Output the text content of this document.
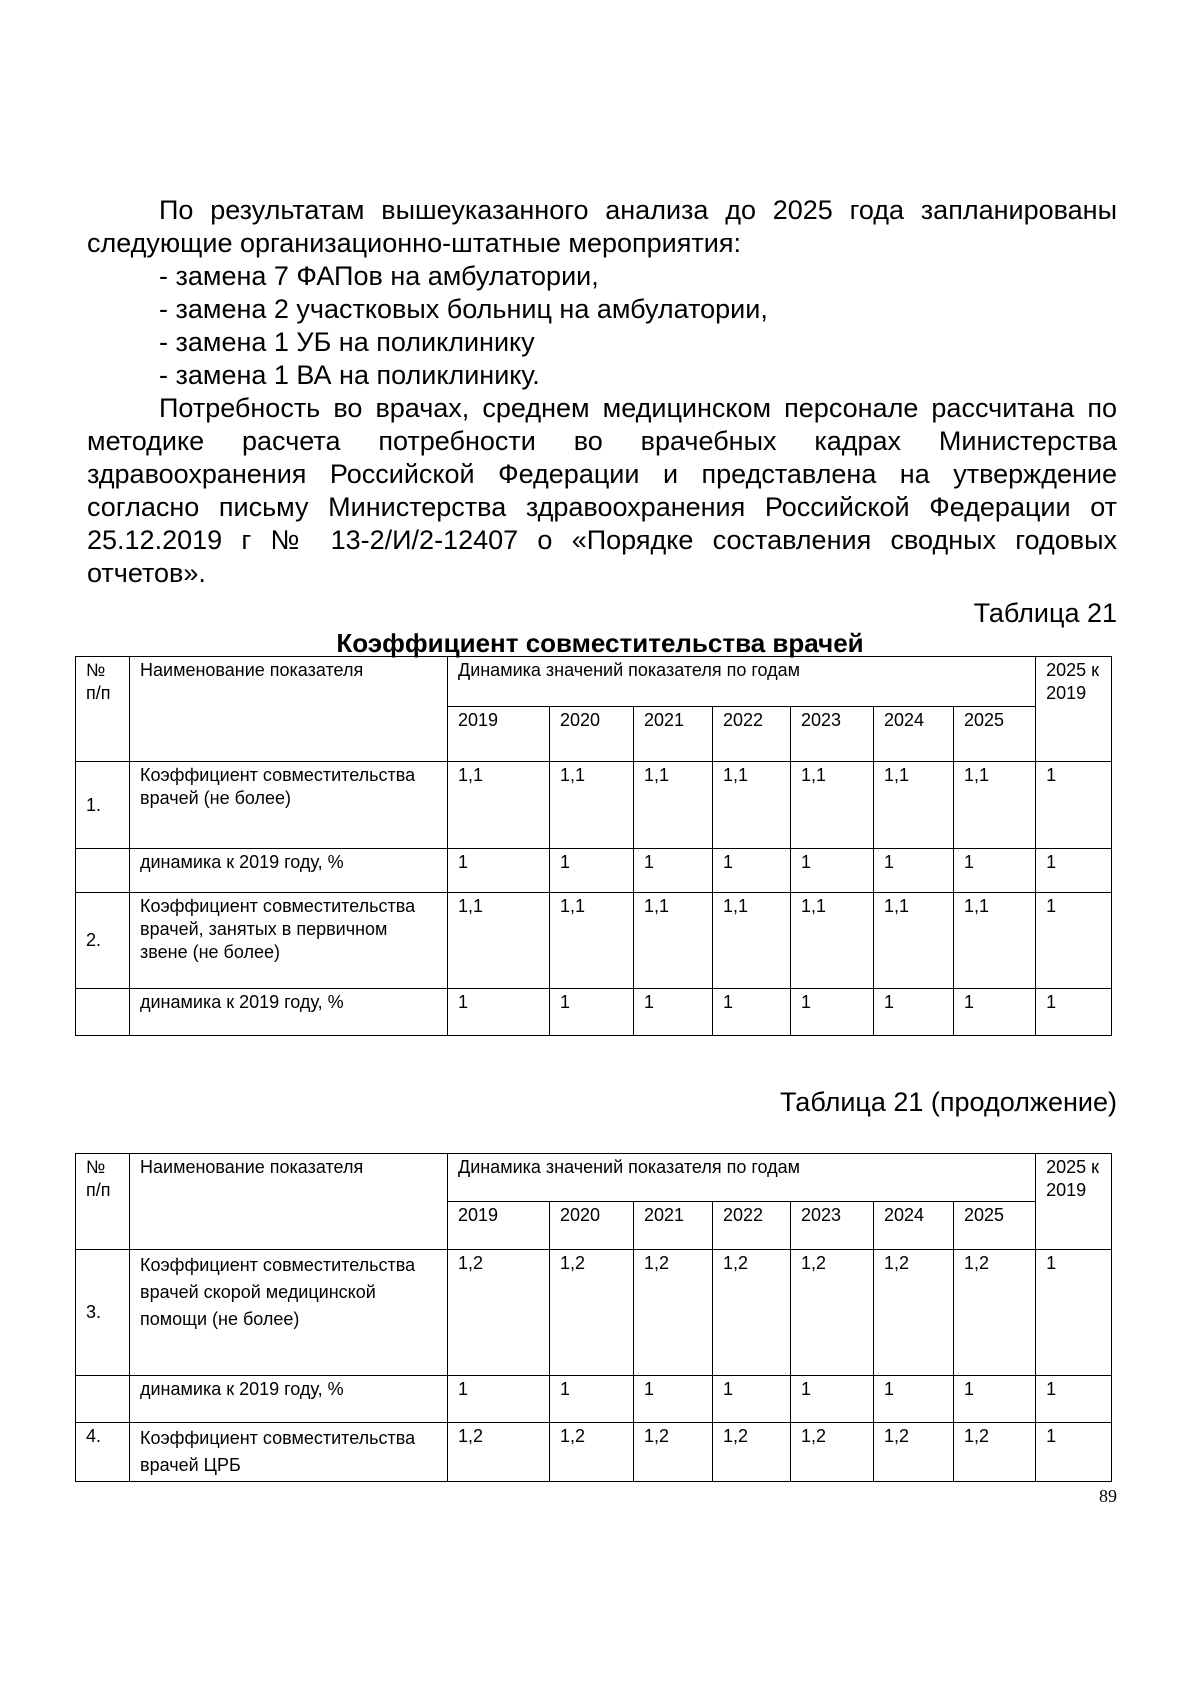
По результатам вышеуказанного анализа до 2025 года запланированы следующие организационно-штатные мероприятия:

- замена 7 ФАПов на амбулатории,
- замена 2 участковых больниц на амбулатории,
- замена 1 УБ на поликлинику
- замена 1 ВА на поликлинику.

Потребность во врачах, среднем медицинском персонале рассчитана по методике расчета потребности во врачебных кадрах Министерства здравоохранения Российской Федерации и представлена на утверждение согласно письму Министерства здравоохранения Российской Федерации от 25.12.2019 г № 13-2/И/2-12407 о «Порядке составления сводных годовых отчетов».

Таблица 21
Коэффициент совместительства врачей
№ п/п	Наименование показателя	Динамика значений показателя по годам							2025 к 2019
		2019	2020	2021	2022	2023	2024	2025	
1.	Коэффициент совместительства врачей (не более)	1,1	1,1	1,1	1,1	1,1	1,1	1,1	1
	динамика к 2019 году, %	1	1	1	1	1	1	1	1
2.	Коэффициент совместительства врачей, занятых в первичном звене (не более)	1,1	1,1	1,1	1,1	1,1	1,1	1,1	1
	динамика к 2019 году, %	1	1	1	1	1	1	1	1
Таблица 21 (продолжение)
№ п/п	Наименование показателя	Динамика значений показателя по годам							2025 к 2019
		2019	2020	2021	2022	2023	2024	2025	
3.	Коэффициент совместительства врачей скорой медицинской помощи (не более)	1,2	1,2	1,2	1,2	1,2	1,2	1,2	1
	динамика к 2019 году, %	1	1	1	1	1	1	1	1
4.	Коэффициент совместительства врачей ЦРБ	1,2	1,2	1,2	1,2	1,2	1,2	1,2	1
89
